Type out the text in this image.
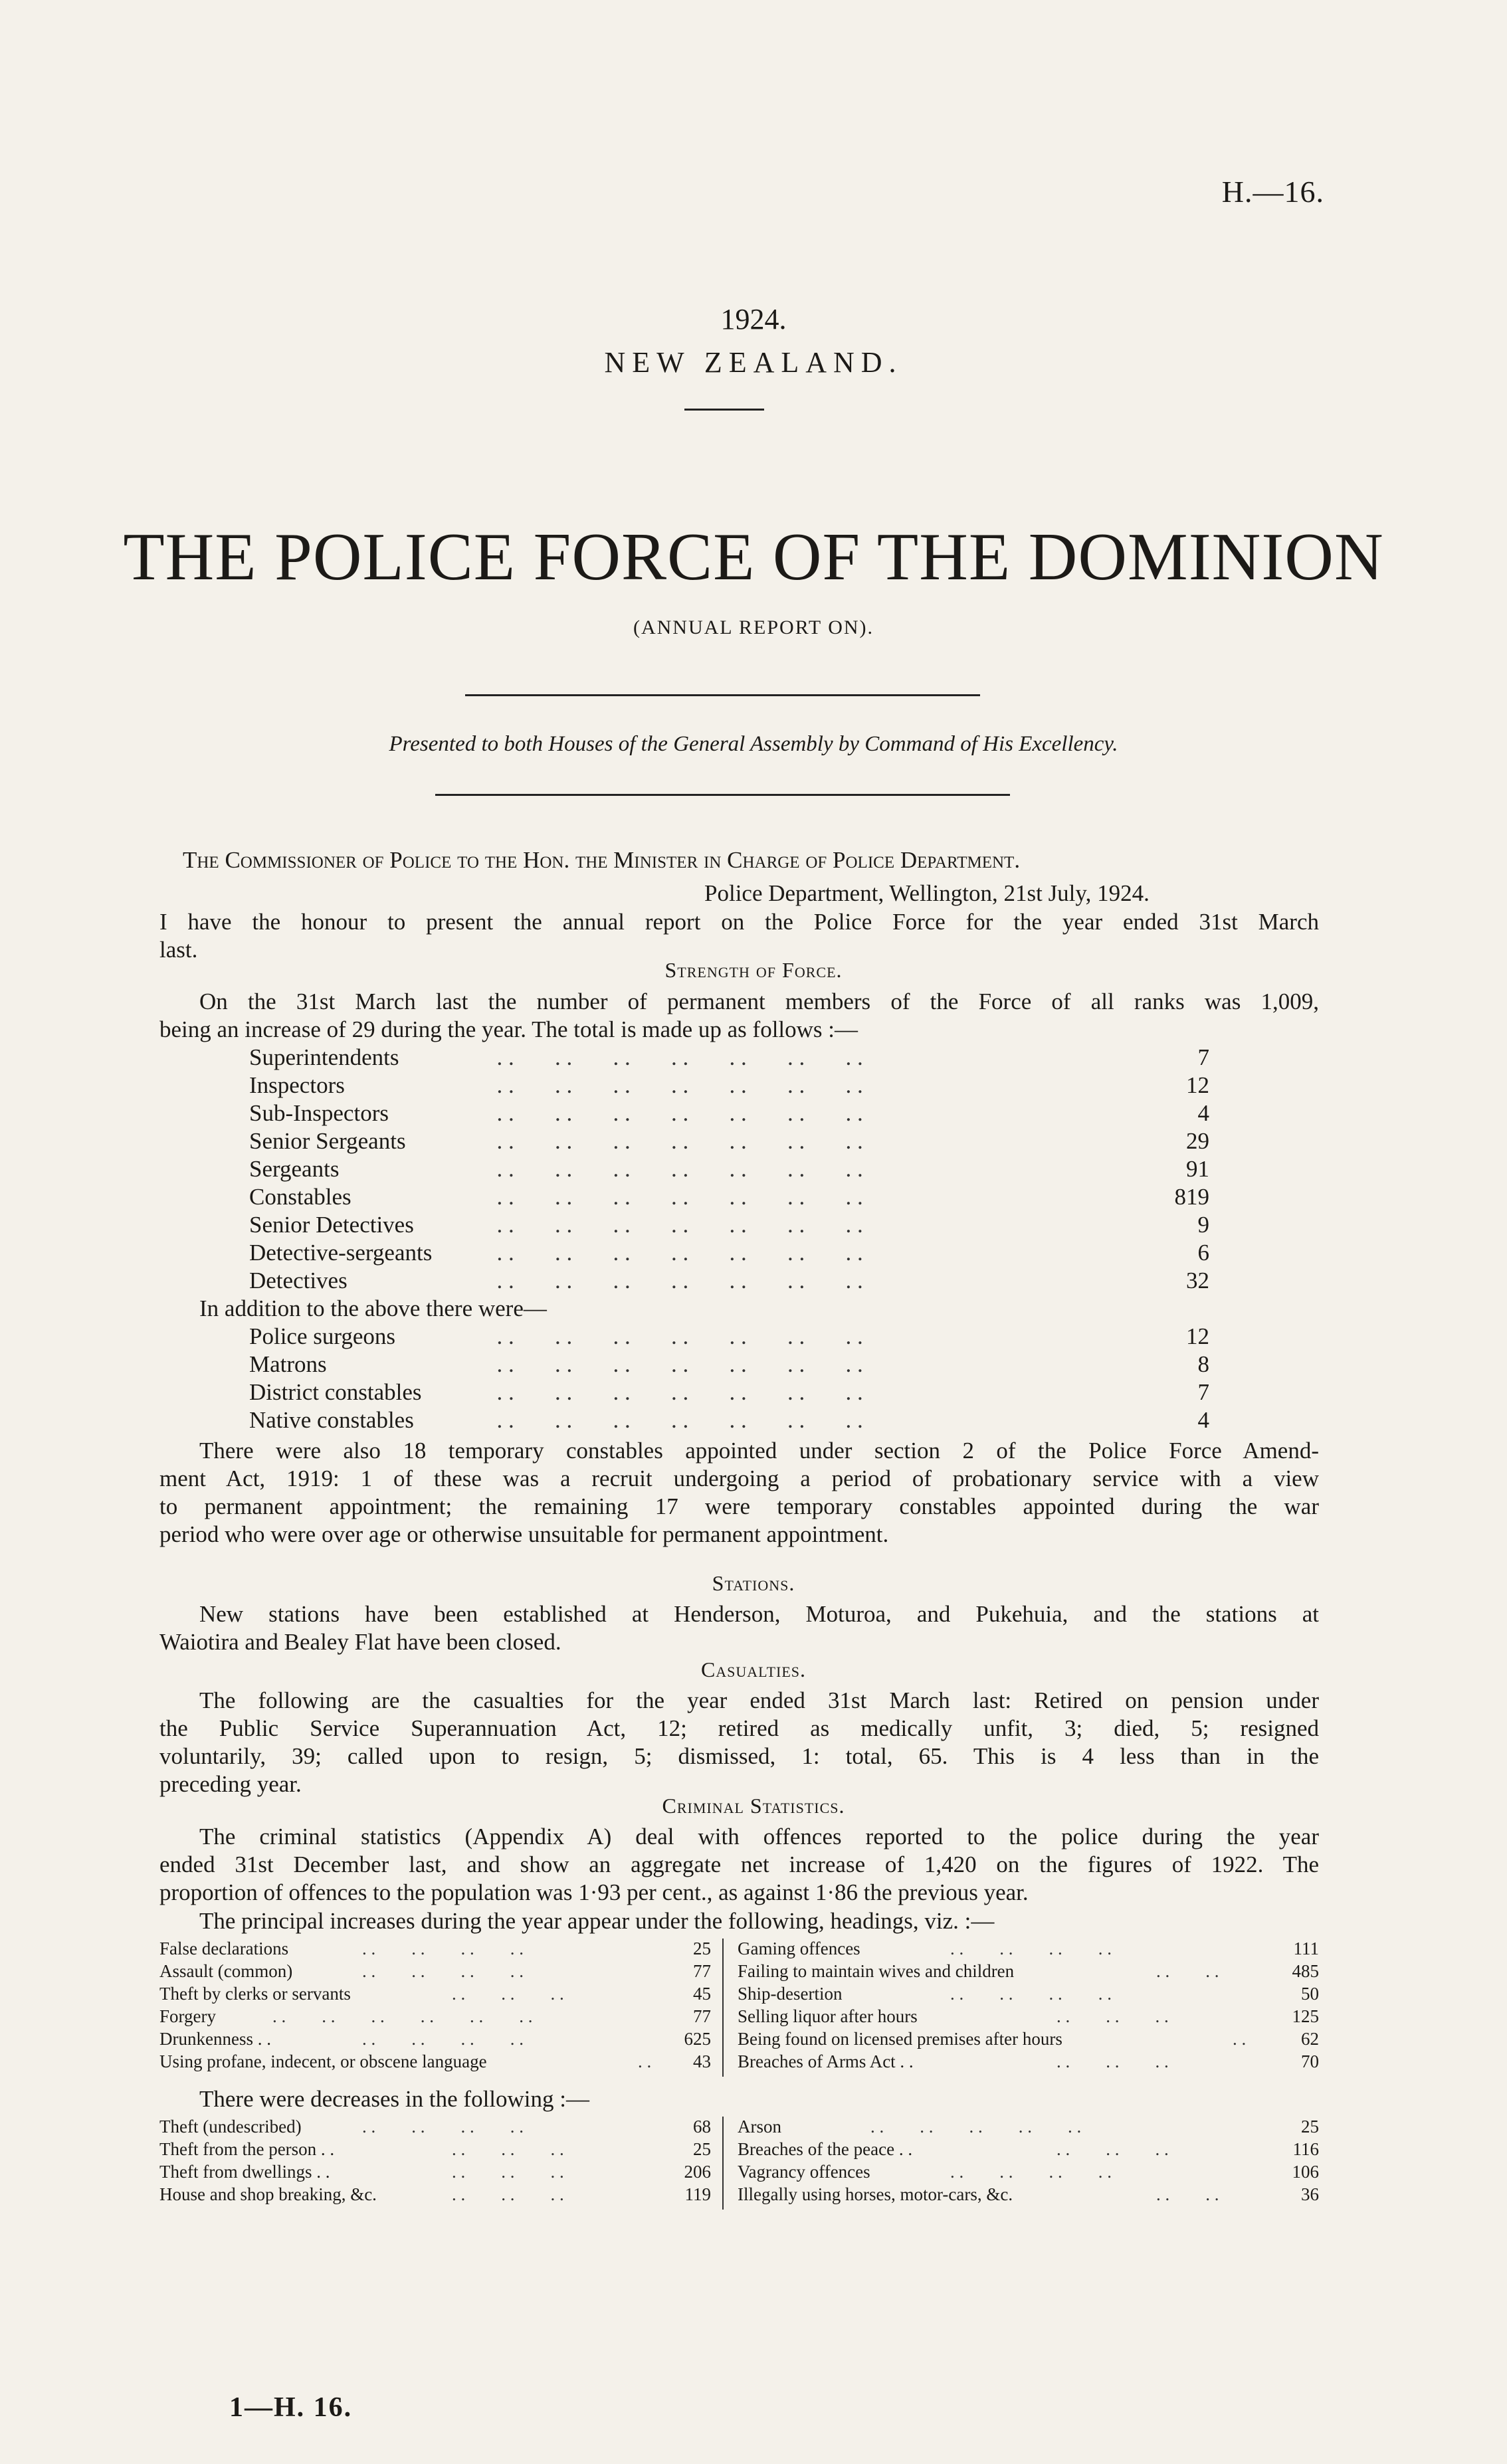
H.—16.
1924.
NEW ZEALAND.
THE POLICE FORCE OF THE DOMINION
(ANNUAL REPORT ON).
Presented to both Houses of the General Assembly by Command of His Excellency.
The Commissioner of Police to the Hon. the Minister in Charge of Police Department.
Police Department, Wellington, 21st July, 1924.
I have the honour to present the annual report on the Police Force for the year ended 31st March
last.
Strength of Force.
On the 31st March last the number of permanent members of the Force of all ranks was 1,009,
being an increase of 29 during the year. The total is made up as follows :—
Superintendents	. .       . .       . .       . .       . .       . .       . .	7
Inspectors	. .       . .       . .       . .       . .       . .       . .	12
Sub-Inspectors	. .       . .       . .       . .       . .       . .       . .	4
Senior Sergeants	. .       . .       . .       . .       . .       . .       . .	29
Sergeants	. .       . .       . .       . .       . .       . .       . .	91
Constables	. .       . .       . .       . .       . .       . .       . .	819
Senior Detectives	. .       . .       . .       . .       . .       . .       . .	9
Detective-sergeants . .       . .       . .       . .       . .       . .       . .	6
Detectives	. .       . .       . .       . .       . .       . .       . .	32
In addition to the above there were—
Police surgeons	. .       . .       . .       . .       . .       . .       . .	12
Matrons	. .       . .       . .       . .       . .       . .       . .	8
District constables	. .       . .       . .       . .       . .       . .       . .	7
Native constables	. .       . .       . .       . .       . .       . .       . .	4
There were also 18 temporary constables appointed under section 2 of the Police Force Amend-
ment Act, 1919: 1 of these was a recruit undergoing a period of probationary service with a view
to permanent appointment; the remaining 17 were temporary constables appointed during the war
period who were over age or otherwise unsuitable for permanent appointment.
Stations.
New stations have been established at Henderson, Moturoa, and Pukehuia, and the stations at
Waiotira and Bealey Flat have been closed.
Casualties.
The following are the casualties for the year ended 31st March last: Retired on pension under
the Public Service Superannuation Act, 12; retired as medically unfit, 3; died, 5; resigned
voluntarily, 39; called upon to resign, 5; dismissed, 1: total, 65. This is 4 less than in the
preceding year.
Criminal Statistics.
The criminal statistics (Appendix A) deal with offences reported to the police during the year
ended 31st December last, and show an aggregate net increase of 1,420 on the figures of 1922. The
proportion of offences to the population was 1·93 per cent., as against 1·86 the previous year.
The principal increases during the year appear under the following, headings, viz. :—
False declarations	. .        . .        . .        . .	25
Assault (common)	. .        . .        . .        . .	77
Theft by clerks or servants	. .        . .        . .	45
Forgery	. .        . .        . .        . .        . .        . .	77
Drunkenness . .	. .        . .        . .        . .	625
Using profane, indecent, or obscene language	. . 43
Gaming offences	. .        . .        . .        . .	111
Failing to maintain wives and children	. .        . .	485
Ship-desertion	. .        . .        . .        . .	50
Selling liquor after hours	. .        . .        . .	125
Being found on licensed premises after hours	. .	62
Breaches of Arms Act . .	. .        . .        . .	70
There were decreases in the following :—
Theft (undescribed)	. .        . .        . .        . .	68
Theft from the person . .	. .        . .        . .	25
Theft from dwellings . .	. .        . .        . .	206
House and shop breaking, &c.	. .        . .        . .	119
Arson	. .        . .        . .        . .        . .	25
Breaches of the peace . .	. .        . .        . .	116
Vagrancy offences	. .        . .        . .        . .	106
Illegally using horses, motor-cars, &c.	. .        . .	36
1—H. 16.
